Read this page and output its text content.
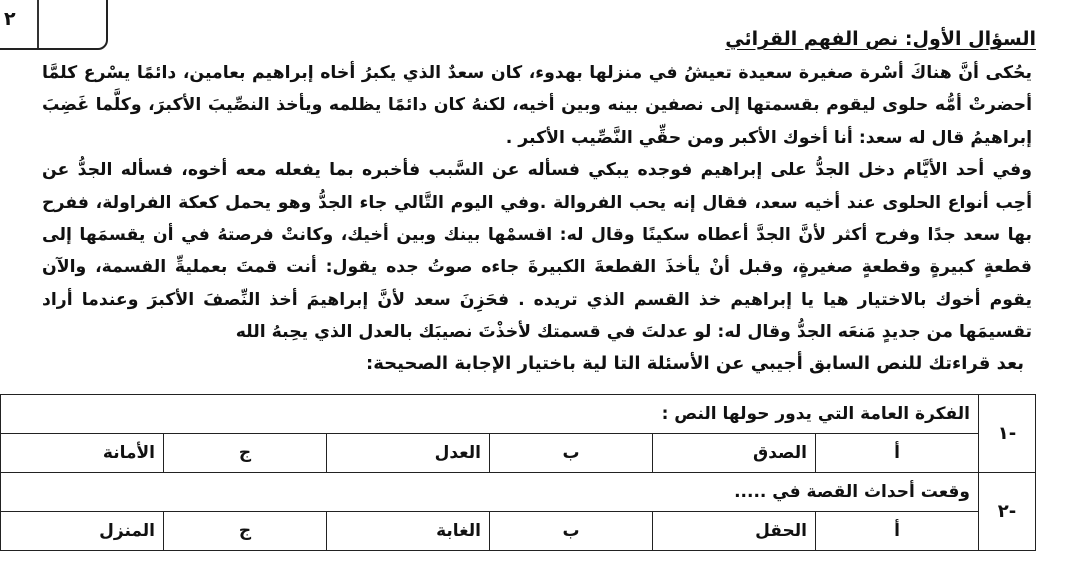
٢
السؤال الأول: نص الفهم القرائي

يحُكى أنَّ هناكَ أسْرة صغيرة سعيدة تعيشُ في منزلها بهدوء، كان سعدٌ الذي يكبرُ أخاه إبراهيم بعامين، دائمًا يسْرع كلمَّا أحضرتْ أمُّه حلوى ليقوم بقسمتها إلى نصفين بينه وبين أخيه، لكنهُ كان دائمًا يظلمه ويأخذ النصِّيبَ الأكبرَ، وكلَّما غَضِبَ إبراهيمُ قال له سعد: أنا أخوك الأكبر ومن حقِّي النَّصِّيب الأكبر .

وفي أحد الأيَّام دخل الجدُّ على إبراهيم فوجده يبكي فسأله عن السَّبب فأخبره بما يفعله معه أخوه، فسأله الجدُّ عن أحِب أنواع الحلوى عند أخيه سعد، فقال إنه يحب الفروالة .وفي اليوم التَّالي جاء الجدُّ وهو يحمل كعكة الفراولة، ففرح بها سعد جدًا وفرح أكثر لأنَّ الجدَّ أعطاه سكينًا وقال له: اقسمْها بينك وبين أخيك، وكانتْ فرصتهُ في أن يقسمَها إلى قطعةٍ كبيرةٍ وقطعةٍ صغيرةٍ، وقبل أنْ يأخذَ القطعةَ الكبيرةَ جاءه صوتُ جده يقول: أنت قمتَ بعمليةِّ القسمة، والآن يقوم أخوك بالاختيار هيا يا إبراهيم خذ القسم الذي تريده . فحَزِنَ سعد لأنَّ إبراهيمَ أخذ النِّصفَ الأكبرَ وعندما أراد تقسيمَها من جديدٍ مَنعَه الجدُّ وقال له: لو عدلتَ في قسمتك لأخذْتَ نصيبَك بالعدل الذي يحِبهُ الله

بعد قراءتك للنص السابق أجيبي عن الأسئلة التا لية باختيار الإجابة الصحيحة:
-١	الفكرة العامة التي يدور حولها النص :					
	أ	الصدق	ب	العدل	ج	الأمانة
-٢	وقعت أحداث القصة في .....					
	أ	الحقل	ب	الغابة	ج	المنزل
